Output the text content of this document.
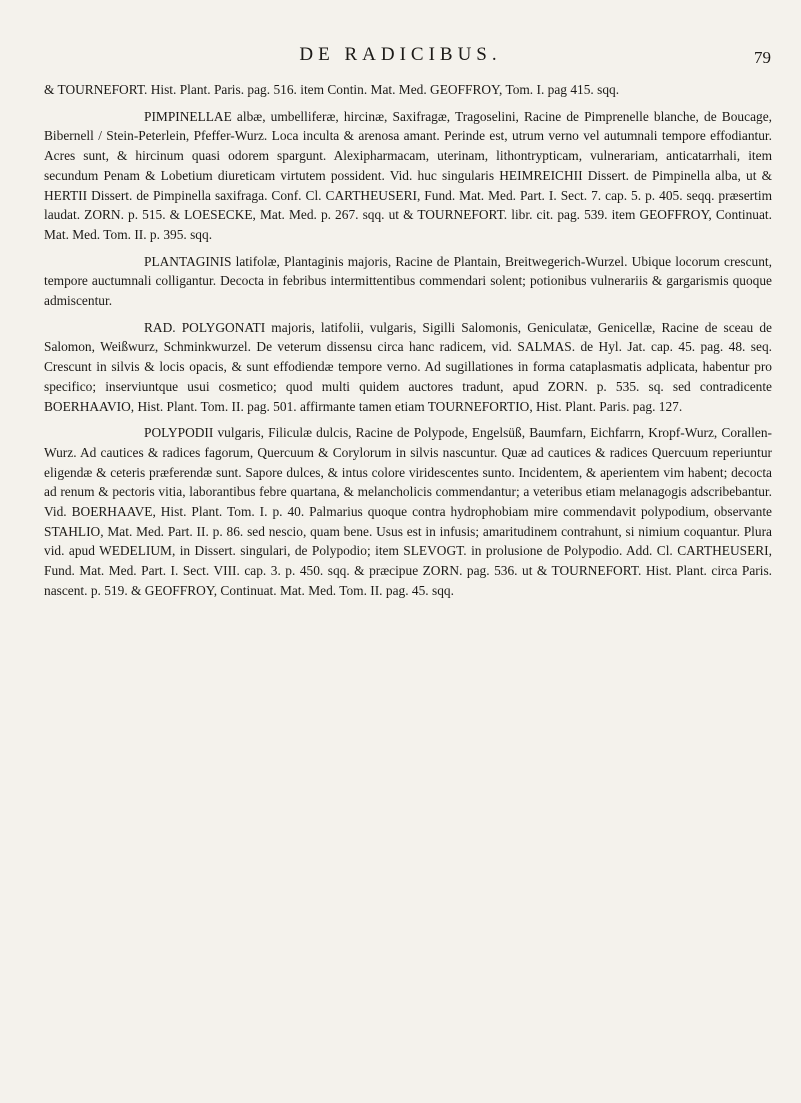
DE RADICIBUS.	79

& TOURNEFORT. Hist. Plant. Paris. pag. 516. item Contin. Mat. Med. GEOFFROY, Tom. I. pag 415. sqq.

PIMPINELLAE albæ, umbelliferæ, hircinæ, Saxifragæ, Tragoselini, Racine de Pimprenelle blanche, de Boucage, Bibernell / Stein-Peterlein, Pfeffer-Wurz. Loca inculta & arenosa amant. Perinde est, utrum verno vel autumnali tempore effodiantur. Acres sunt, & hircinum quasi odorem spargunt. Alexipharmacam, uterinam, lithontrypticam, vulnerariam, anticatarrhali, item secundum Penam & Lobetium diureticam virtutem possident. Vid. huc singularis HEIMREICHII Dissert. de Pimpinella alba, ut & HERTII Dissert. de Pimpinella saxifraga. Conf. Cl. CARTHEUSERI, Fund. Mat. Med. Part. I. Sect. 7. cap. 5. p. 405. seqq. præsertim laudat. ZORN. p. 515. & LOESECKE, Mat. Med. p. 267. sqq. ut & TOURNEFORT. libr. cit. pag. 539. item GEOFFROY, Continuat. Mat. Med. Tom. II. p. 395. sqq.

PLANTAGINIS latifolæ, Plantaginis majoris, Racine de Plantain, Breitwegerich-Wurzel. Ubique locorum crescunt, tempore auctumnali colligantur. Decocta in febribus intermittentibus commendari solent; potionibus vulnerariis & gargarismis quoque admiscentur.

RAD. POLYGONATI majoris, latifolii, vulgaris, Sigilli Salomonis, Geniculatæ, Genicellæ, Racine de sceau de Salomon, Weißwurz, Schminkwurzel. De veterum dissensu circa hanc radicem, vid. SALMAS. de Hyl. Jat. cap. 45. pag. 48. seq. Crescunt in silvis & locis opacis, & sunt effodiendæ tempore verno. Ad sugillationes in forma cataplasmatis adplicata, habentur pro specifico; inserviuntque usui cosmetico; quod multi quidem auctores tradunt, apud ZORN. p. 535. sq. sed contradicente BOERHAAVIO, Hist. Plant. Tom. II. pag. 501. affirmante tamen etiam TOURNEFORTIO, Hist. Plant. Paris. pag. 127.

POLYPODII vulgaris, Filiculæ dulcis, Racine de Polypode, Engelsüß, Baumfarn, Eichfarrn, Kropf-Wurz, Corallen-Wurz. Ad cautices & radices fagorum, Quercuum & Corylorum in silvis nascuntur. Quæ ad cautices & radices Quercuum reperiuntur eligendæ & ceteris præferendæ sunt. Sapore dulces, & intus colore viridescentes sunto. Incidentem, & aperientem vim habent; decocta ad renum & pectoris vitia, laborantibus febre quartana, & melancholicis commendantur; a veteribus etiam melanagogis adscribebantur. Vid. BOERHAAVE, Hist. Plant. Tom. I. p. 40. Palmarius quoque contra hydrophobiam mire commendavit polypodium, observante STAHLIO, Mat. Med. Part. II. p. 86. sed nescio, quam bene. Usus est in infusis; amaritudinem contrahunt, si nimium coquantur. Plura vid. apud WEDELIUM, in Dissert. singulari, de Polypodio; item SLEVOGT. in prolusione de Polypodio. Add. Cl. CARTHEUSERI, Fund. Mat. Med. Part. I. Sect. VIII. cap. 3. p. 450. sqq. & præcipue ZORN. pag. 536. ut & TOURNEFORT. Hist. Plant. circa Paris. nascent. p. 519. & GEOFFROY, Continuat. Mat. Med. Tom. II. pag. 45. sqq.
